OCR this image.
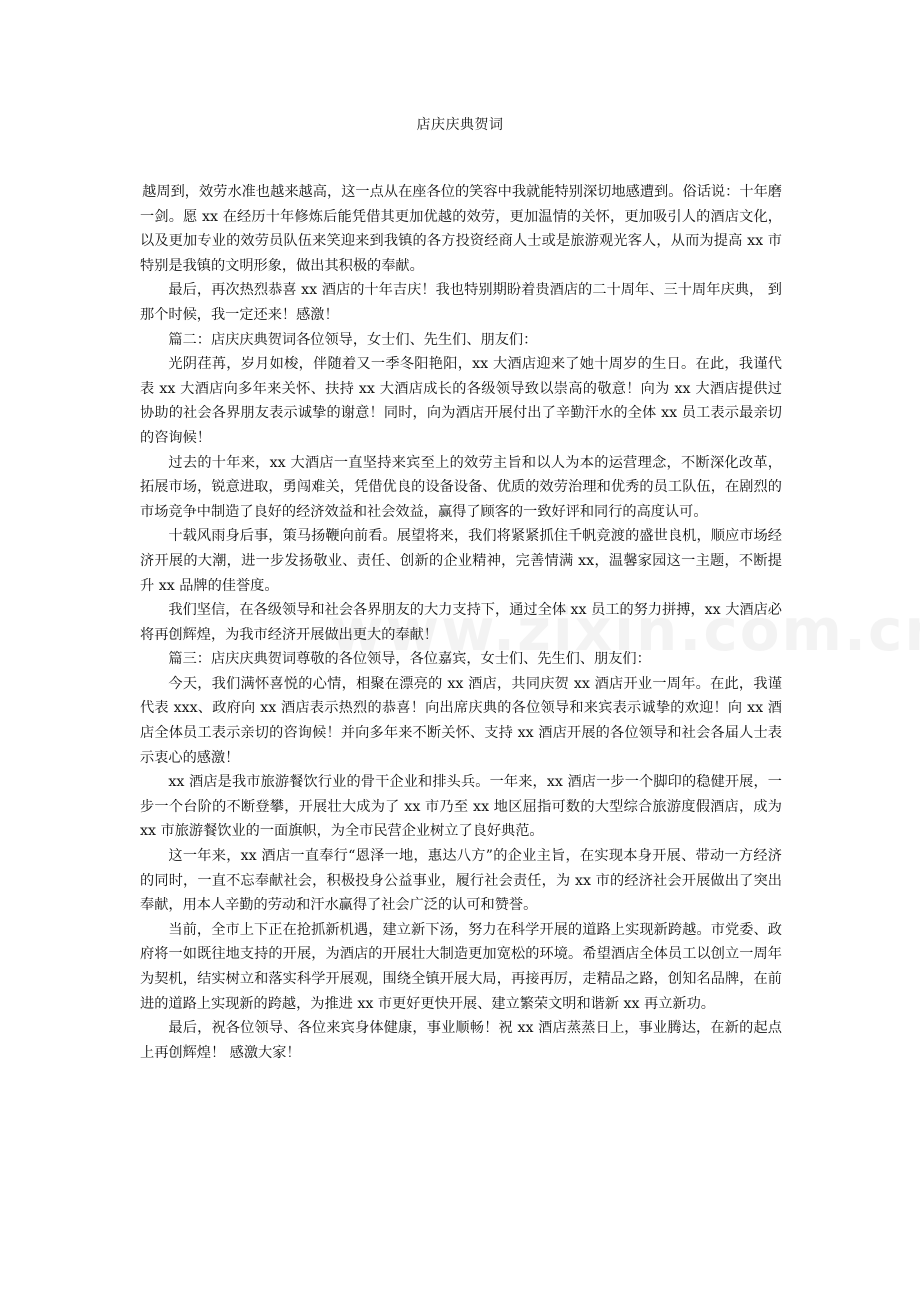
店庆庆典贺词

越周到，效劳水准也越来越高，这一点从在座各位的笑容中我就能特别深切地感遭到。俗话说：十年磨一剑。愿 xx 在经历十年修炼后能凭借其更加优越的效劳，更加温情的关怀，更加吸引人的酒店文化，以及更加专业的效劳员队伍来笑迎来到我镇的各方投资经商人士或是旅游观光客人，从而为提高 xx 市特别是我镇的文明形象，做出其积极的奉献。

最后，再次热烈恭喜 xx 酒店的十年吉庆！我也特别期盼着贵酒店的二十周年、三十周年庆典， 到那个时候，我一定还来！感激！

篇二：店庆庆典贺词各位领导，女士们、先生们、朋友们：

光阴荏苒，岁月如梭，伴随着又一季冬阳艳阳，xx 大酒店迎来了她十周岁的生日。在此，我谨代表 xx 大酒店向多年来关怀、扶持 xx 大酒店成长的各级领导致以崇高的敬意！向为 xx 大酒店提供过协助的社会各界朋友表示诚挚的谢意！同时，向为酒店开展付出了辛勤汗水的全体 xx 员工表示最亲切的咨询候！

过去的十年来，xx 大酒店一直坚持来宾至上的效劳主旨和以人为本的运营理念，不断深化改革，拓展市场，锐意进取，勇闯难关，凭借优良的设备设备、优质的效劳治理和优秀的员工队伍，在剧烈的市场竞争中制造了良好的经济效益和社会效益，赢得了顾客的一致好评和同行的高度认可。

十载风雨身后事，策马扬鞭向前看。展望将来，我们将紧紧抓住千帆竞渡的盛世良机，顺应市场经济开展的大潮，进一步发扬敬业、责任、创新的企业精神，完善情满 xx，温馨家园这一主题，不断提升 xx 品牌的佳誉度。

我们坚信，在各级领导和社会各界朋友的大力支持下，通过全体 xx 员工的努力拼搏，xx 大酒店必将再创辉煌，为我市经济开展做出更大的奉献！

篇三：店庆庆典贺词尊敬的各位领导，各位嘉宾，女士们、先生们、朋友们：

今天，我们满怀喜悦的心情，相聚在漂亮的 xx 酒店，共同庆贺 xx 酒店开业一周年。在此，我谨代表 xxx、政府向 xx 酒店表示热烈的恭喜！向出席庆典的各位领导和来宾表示诚挚的欢迎！向 xx 酒店全体员工表示亲切的咨询候！并向多年来不断关怀、支持 xx 酒店开展的各位领导和社会各届人士表示衷心的感激！

xx 酒店是我市旅游餐饮行业的骨干企业和排头兵。一年来，xx 酒店一步一个脚印的稳健开展，一步一个台阶的不断登攀，开展壮大成为了 xx 市乃至 xx 地区屈指可数的大型综合旅游度假酒店，成为 xx 市旅游餐饮业的一面旗帜，为全市民营企业树立了良好典范。

这一年来，xx 酒店一直奉行“恩泽一地，惠达八方”的企业主旨，在实现本身开展、带动一方经济的同时，一直不忘奉献社会，积极投身公益事业，履行社会责任，为 xx 市的经济社会开展做出了突出奉献，用本人辛勤的劳动和汗水赢得了社会广泛的认可和赞誉。

当前，全市上下正在抢抓新机遇，建立新下汤，努力在科学开展的道路上实现新跨越。市党委、政府将一如既往地支持的开展，为酒店的开展壮大制造更加宽松的环境。希望酒店全体员工以创立一周年为契机，结实树立和落实科学开展观，围绕全镇开展大局，再接再厉，走精品之路，创知名品牌，在前进的道路上实现新的跨越，为推进 xx 市更好更快开展、建立繁荣文明和谐新 xx 再立新功。

最后，祝各位领导、各位来宾身体健康，事业顺畅！祝 xx 酒店蒸蒸日上，事业腾达，在新的起点上再创辉煌！ 感激大家！
